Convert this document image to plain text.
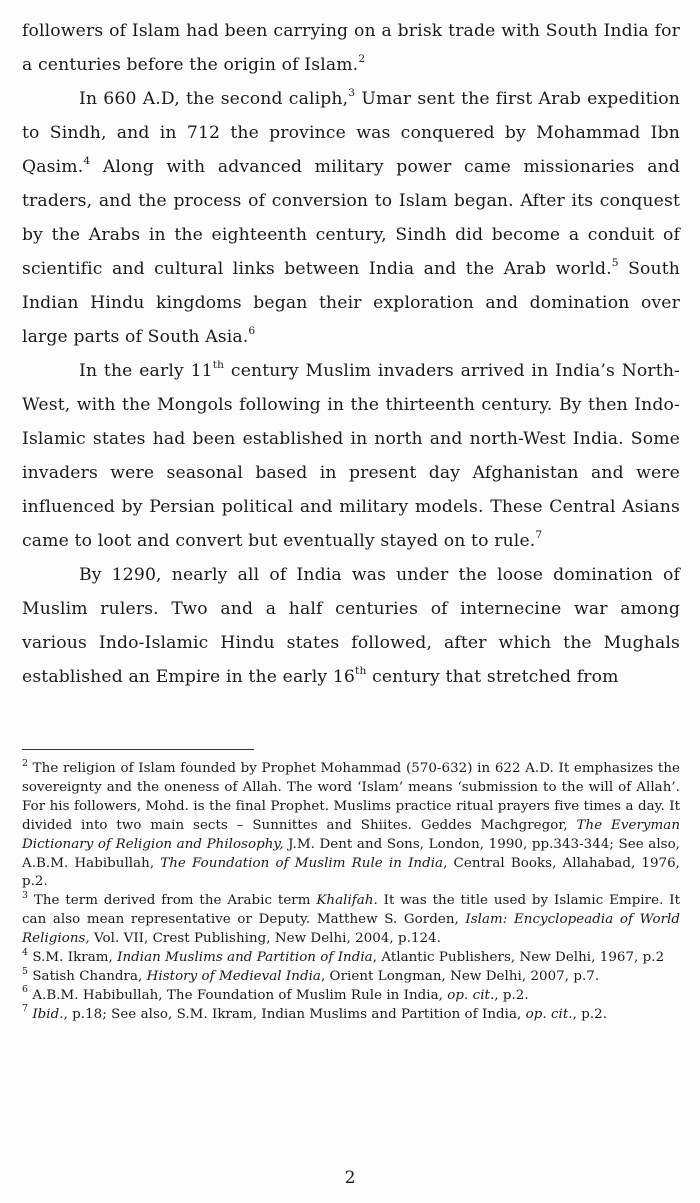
followers of Islam had been carrying on a brisk trade with South India for a centuries before the origin of Islam.$^2$

In 660 A.D, the second caliph,$^3$ Umar sent the first Arab expedition to Sindh, and in 712 the province was conquered by Mohammad Ibn Qasim.$^4$ Along with advanced military power came missionaries and traders, and the process of conversion to Islam began. After its conquest by the Arabs in the eighteenth century, Sindh did become a conduit of scientific and cultural links between India and the Arab world.$^5$ South Indian Hindu kingdoms began their exploration and domination over large parts of South Asia.$^6$

In the early 11th century Muslim invaders arrived in India’s North-West, with the Mongols following in the thirteenth century. By then Indo-Islamic states had been established in north and north-West India. Some invaders were seasonal based in present day Afghanistan and were influenced by Persian political and military models. These Central Asians came to loot and convert but eventually stayed on to rule.$^7$

By 1290, nearly all of India was under the loose domination of Muslim rulers. Two and a half centuries of internecine war among various Indo-Islamic Hindu states followed, after which the Mughals established an Empire in the early 16th century that stretched from

$^2$ The religion of Islam founded by Prophet Mohammad (570-632) in 622 A.D. It emphasizes the sovereignty and the oneness of Allah. The word ‘Islam’ means ‘submission to the will of Allah’. For his followers, Mohd. is the final Prophet. Muslims practice ritual prayers five times a day. It divided into two main sects – Sunnittes and Shiites. Geddes Machgregor, The Everyman Dictionary of Religion and Philosophy, J.M. Dent and Sons, London, 1990, pp.343-344; See also, A.B.M. Habibullah, The Foundation of Muslim Rule in India, Central Books, Allahabad, 1976, p.2.

$^3$ The term derived from the Arabic term Khalifah. It was the title used by Islamic Empire. It can also mean representative or Deputy. Matthew S. Gorden, Islam: Encyclopeadia of World Religions, Vol. VII, Crest Publishing, New Delhi, 2004, p.124.

$^4$ S.M. Ikram, Indian Muslims and Partition of India, Atlantic Publishers, New Delhi, 1967, p.2

$^5$ Satish Chandra, History of Medieval India, Orient Longman, New Delhi, 2007, p.7.

$^6$ A.B.M. Habibullah, The Foundation of Muslim Rule in India, op. cit., p.2.

$^7$ Ibid., p.18; See also, S.M. Ikram, Indian Muslims and Partition of India, op. cit., p.2.

2
